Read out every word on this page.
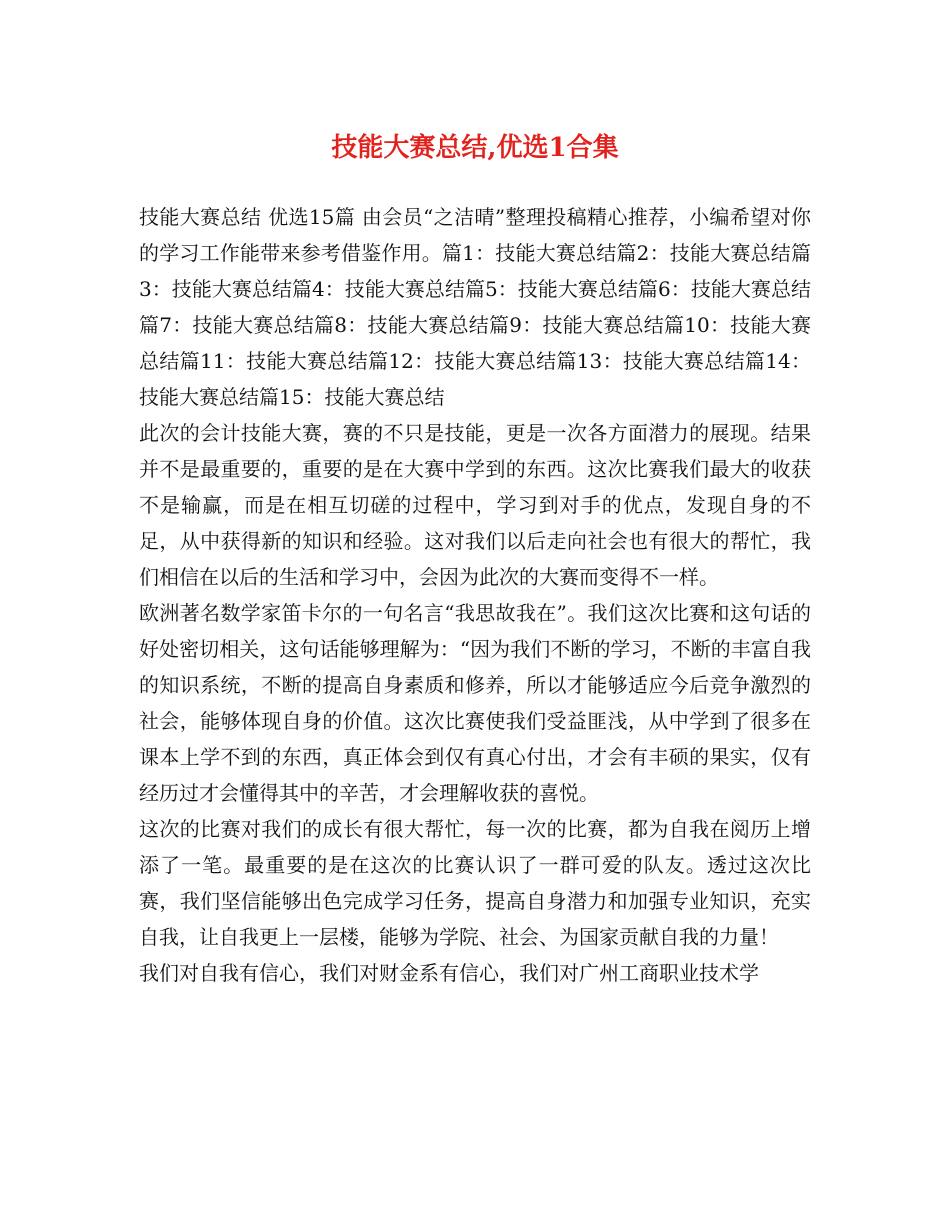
技能大赛总结,优选1合集

技能大赛总结 优选15篇 由会员“之洁晴”整理投稿精心推荐，小编希望对你的学习工作能带来参考借鉴作用。篇1：技能大赛总结篇2：技能大赛总结篇3：技能大赛总结篇4：技能大赛总结篇5：技能大赛总结篇6：技能大赛总结篇7：技能大赛总结篇8：技能大赛总结篇9：技能大赛总结篇10：技能大赛总结篇11：技能大赛总结篇12：技能大赛总结篇13：技能大赛总结篇14：技能大赛总结篇15：技能大赛总结

此次的会计技能大赛，赛的不只是技能，更是一次各方面潜力的展现。结果并不是最重要的，重要的是在大赛中学到的东西。这次比赛我们最大的收获不是输赢，而是在相互切磋的过程中，学习到对手的优点，发现自身的不足，从中获得新的知识和经验。这对我们以后走向社会也有很大的帮忙，我们相信在以后的生活和学习中，会因为此次的大赛而变得不一样。

欧洲著名数学家笛卡尔的一句名言“我思故我在”。我们这次比赛和这句话的好处密切相关，这句话能够理解为：“因为我们不断的学习，不断的丰富自我的知识系统，不断的提高自身素质和修养，所以才能够适应今后竞争激烈的社会，能够体现自身的价值。这次比赛使我们受益匪浅，从中学到了很多在课本上学不到的东西，真正体会到仅有真心付出，才会有丰硕的果实，仅有经历过才会懂得其中的辛苦，才会理解收获的喜悦。

这次的比赛对我们的成长有很大帮忙，每一次的比赛，都为自我在阅历上增添了一笔。最重要的是在这次的比赛认识了一群可爱的队友。透过这次比赛，我们坚信能够出色完成学习任务，提高自身潜力和加强专业知识，充实自我，让自我更上一层楼，能够为学院、社会、为国家贡献自我的力量！

我们对自我有信心，我们对财金系有信心，我们对广州工商职业技术学
